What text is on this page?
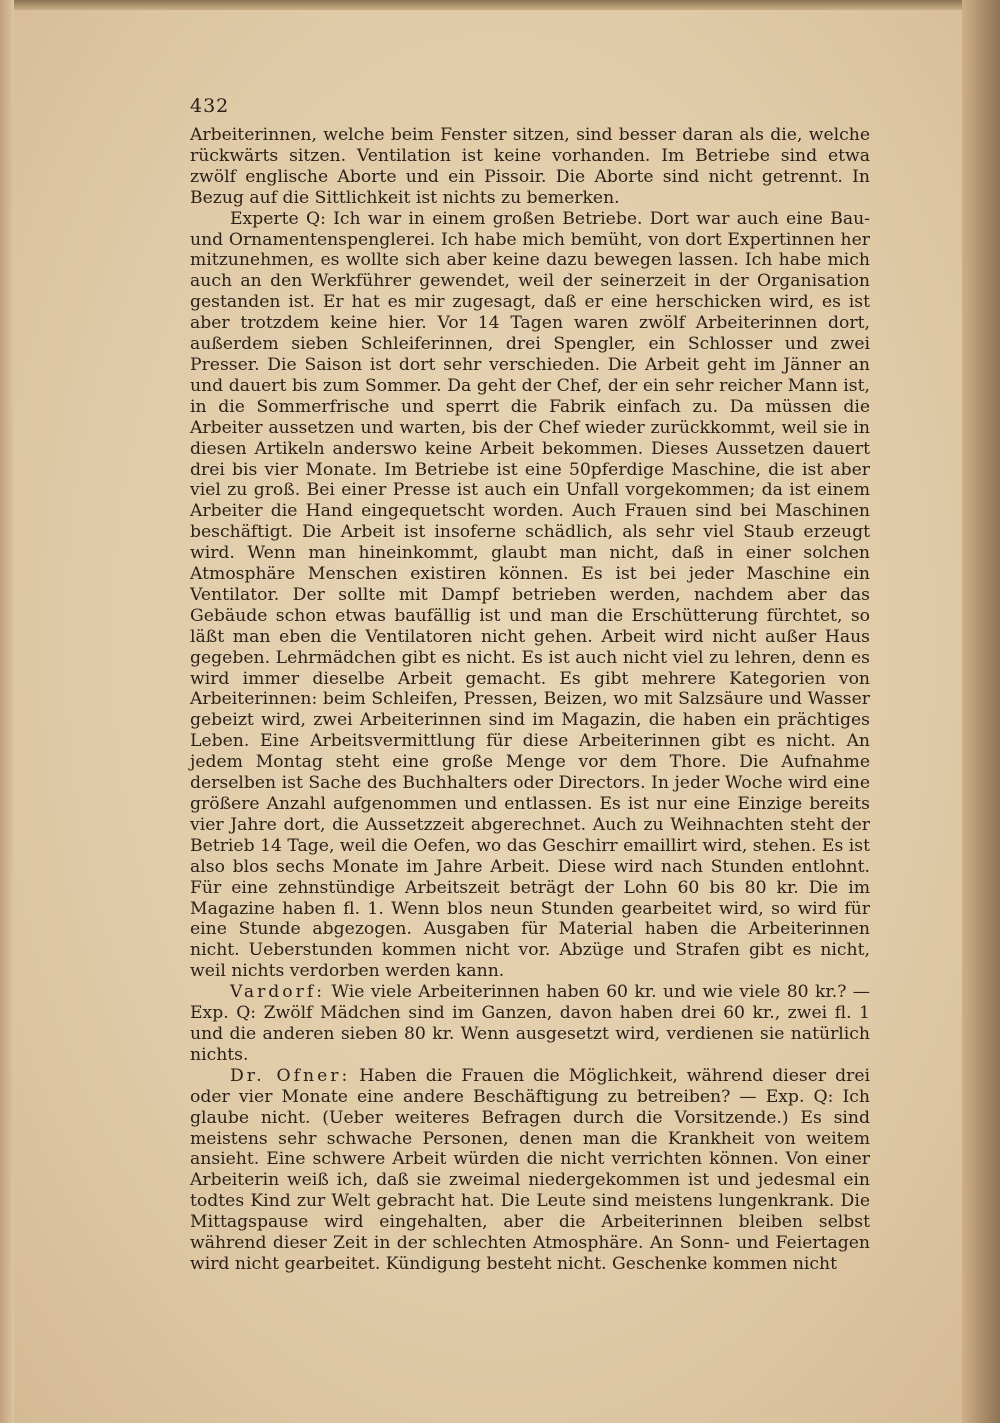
432

Arbeiterinnen, welche beim Fenster sitzen, sind besser daran als die, welche rückwärts sitzen. Ventilation ist keine vorhanden. Im Betriebe sind etwa zwölf englische Aborte und ein Pissoir. Die Aborte sind nicht getrennt. In Bezug auf die Sittlichkeit ist nichts zu bemerken.

Experte Q: Ich war in einem großen Betriebe. Dort war auch eine Bau- und Ornamentenspenglerei. Ich habe mich bemüht, von dort Expertinnen her mitzunehmen, es wollte sich aber keine dazu bewegen lassen. Ich habe mich auch an den Werkführer gewendet, weil der seinerzeit in der Organisation gestanden ist. Er hat es mir zugesagt, daß er eine herschicken wird, es ist aber trotzdem keine hier. Vor 14 Tagen waren zwölf Arbeiterinnen dort, außerdem sieben Schleiferinnen, drei Spengler, ein Schlosser und zwei Presser. Die Saison ist dort sehr verschieden. Die Arbeit geht im Jänner an und dauert bis zum Sommer. Da geht der Chef, der ein sehr reicher Mann ist, in die Sommerfrische und sperrt die Fabrik einfach zu. Da müssen die Arbeiter aussetzen und warten, bis der Chef wieder zurückkommt, weil sie in diesen Artikeln anderswo keine Arbeit bekommen. Dieses Aussetzen dauert drei bis vier Monate. Im Betriebe ist eine 50pferdige Maschine, die ist aber viel zu groß. Bei einer Presse ist auch ein Unfall vorgekommen; da ist einem Arbeiter die Hand eingequetscht worden. Auch Frauen sind bei Maschinen beschäftigt. Die Arbeit ist insoferne schädlich, als sehr viel Staub erzeugt wird. Wenn man hineinkommt, glaubt man nicht, daß in einer solchen Atmosphäre Menschen existiren können. Es ist bei jeder Maschine ein Ventilator. Der sollte mit Dampf betrieben werden, nachdem aber das Gebäude schon etwas baufällig ist und man die Erschütterung fürchtet, so läßt man eben die Ventilatoren nicht gehen. Arbeit wird nicht außer Haus gegeben. Lehrmädchen gibt es nicht. Es ist auch nicht viel zu lehren, denn es wird immer dieselbe Arbeit gemacht. Es gibt mehrere Kategorien von Arbeiterinnen: beim Schleifen, Pressen, Beizen, wo mit Salzsäure und Wasser gebeizt wird, zwei Arbeiterinnen sind im Magazin, die haben ein prächtiges Leben. Eine Arbeitsvermittlung für diese Arbeiterinnen gibt es nicht. An jedem Montag steht eine große Menge vor dem Thore. Die Aufnahme derselben ist Sache des Buchhalters oder Directors. In jeder Woche wird eine größere Anzahl aufgenommen und entlassen. Es ist nur eine Einzige bereits vier Jahre dort, die Aussetzzeit abgerechnet. Auch zu Weihnachten steht der Betrieb 14 Tage, weil die Oefen, wo das Geschirr emaillirt wird, stehen. Es ist also blos sechs Monate im Jahre Arbeit. Diese wird nach Stunden entlohnt. Für eine zehnstündige Arbeitszeit beträgt der Lohn 60 bis 80 kr. Die im Magazine haben fl. 1. Wenn blos neun Stunden gearbeitet wird, so wird für eine Stunde abgezogen. Ausgaben für Material haben die Arbeiterinnen nicht. Ueberstunden kommen nicht vor. Abzüge und Strafen gibt es nicht, weil nichts verdorben werden kann.

Vardorf: Wie viele Arbeiterinnen haben 60 kr. und wie viele 80 kr.? — Exp. Q: Zwölf Mädchen sind im Ganzen, davon haben drei 60 kr., zwei fl. 1 und die anderen sieben 80 kr. Wenn ausgesetzt wird, verdienen sie natürlich nichts.

Dr. Ofner: Haben die Frauen die Möglichkeit, während dieser drei oder vier Monate eine andere Beschäftigung zu betreiben? — Exp. Q: Ich glaube nicht. (Ueber weiteres Befragen durch die Vorsitzende.) Es sind meistens sehr schwache Personen, denen man die Krankheit von weitem ansieht. Eine schwere Arbeit würden die nicht verrichten können. Von einer Arbeiterin weiß ich, daß sie zweimal niedergekommen ist und jedesmal ein todtes Kind zur Welt gebracht hat. Die Leute sind meistens lungenkrank. Die Mittagspause wird eingehalten, aber die Arbeiterinnen bleiben selbst während dieser Zeit in der schlechten Atmosphäre. An Sonn- und Feiertagen wird nicht gearbeitet. Kündigung besteht nicht. Geschenke kommen nicht
